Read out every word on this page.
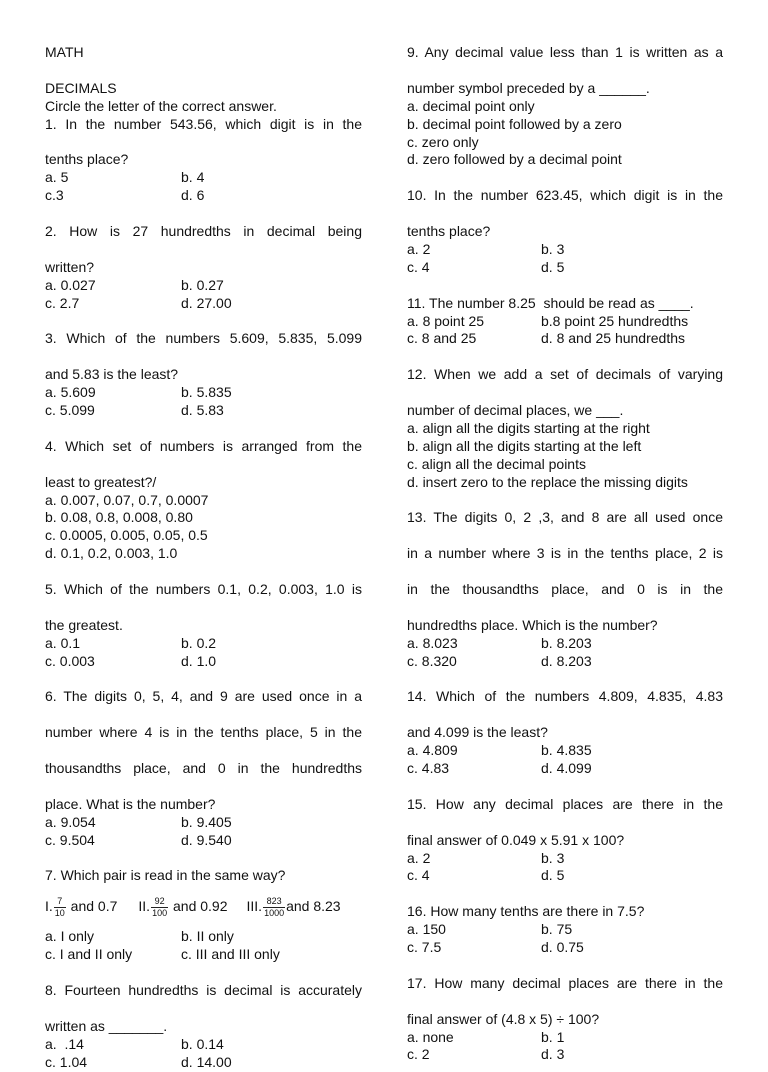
MATH
DECIMALS
Circle the letter of the correct answer.
1. In the number 543.56, which digit is in the
tenths place?
a. 5	b. 4
c.3	d. 6
2. How is 27 hundredths in decimal being
written?
a. 0.027	b. 0.27
c. 2.7	d. 27.00
3. Which of the numbers 5.609, 5.835, 5.099
and 5.83 is the least?
a. 5.609	b. 5.835
c. 5.099	d. 5.83
4. Which set of numbers is arranged from the
least to greatest?/
a. 0.007, 0.07, 0.7, 0.0007
b. 0.08, 0.8, 0.008, 0.80
c. 0.0005, 0.005, 0.05, 0.5
d. 0.1, 0.2, 0.003, 1.0
5. Which of the numbers 0.1, 0.2, 0.003, 1.0 is
the greatest.
a. 0.1	b. 0.2
c. 0.003	d. 1.0
6. The digits 0, 5, 4, and 9 are used once in a
number where 4 is in the tenths place, 5 in the
thousandths place, and 0 in the hundredths
place. What is the number?
a. 9.054	b. 9.405
c. 9.504	d. 9.540
7. Which pair is read in the same way?
I. $\frac{7}{10}$ and 0.7 II. $\frac{92}{100}$ and 0.92 III. $\frac{823}{1000}$ and 8.23
a. I only	b. II only
c. I and II only	c. III and III only
8. Fourteen hundredths is decimal is accurately
written as _______.
a.  .14	b. 0.14
c. 1.04	d. 14.00
9. Any decimal value less than 1 is written as a
number symbol preceded by a ______.
a. decimal point only
b. decimal point followed by a zero
c. zero only
d. zero followed by a decimal point
10. In the number 623.45, which digit is in the
tenths place?
a. 2	b. 3
c. 4	d. 5
11. The number 8.25  should be read as ____.
a. 8 point 25	b.8 point 25 hundredths
c. 8 and 25	d. 8 and 25 hundredths
12. When we add a set of decimals of varying
number of decimal places, we ___.
a. align all the digits starting at the right
b. align all the digits starting at the left
c. align all the decimal points
d. insert zero to the replace the missing digits
13. The digits 0, 2 ,3, and 8 are all used once
in a number where 3 is in the tenths place, 2 is
in the thousandths place, and 0 is in the
hundredths place. Which is the number?
a. 8.023	b. 8.203
c. 8.320	d. 8.203
14. Which of the numbers 4.809, 4.835, 4.83
and 4.099 is the least?
a. 4.809	b. 4.835
c. 4.83	d. 4.099
15. How any decimal places are there in the
final answer of 0.049 x 5.91 x 100?
a. 2	b. 3
c. 4	d. 5
16. How many tenths are there in 7.5?
a. 150	b. 75
c. 7.5	d. 0.75
17. How many decimal places are there in the
final answer of (4.8 x 5) ÷ 100?
a. none	b. 1
c. 2	d. 3
